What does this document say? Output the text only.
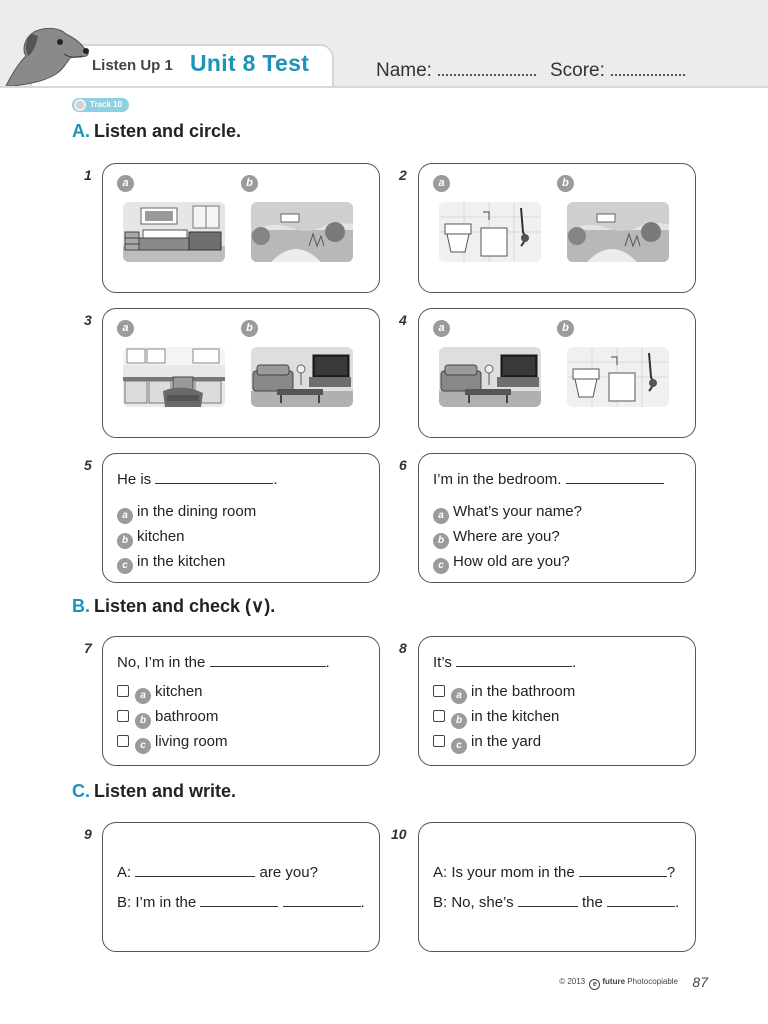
Listen Up 1 Unit 8 Test	Name:	Score:
Track 10
A. Listen and circle.
1	a	b	2	a	b
3	a	b	4	a	b
5
He is	.
a in the dining room
b kitchen
c in the kitchen
6
I’m in the bedroom.
a What’s your name?
b Where are you?
c How old are you?
B. Listen and check (∨).
7
No, I’m in the	.
a kitchen
b bathroom
c living room
8
It’s	.
a in the bathroom
b in the kitchen
c in the yard
C. Listen and write.
9
A:	are you?
B: I’m in the	.
10
A: Is your mom in the	?
B: No, she’s	the	.
© 2013 e future Photocopiable 87
